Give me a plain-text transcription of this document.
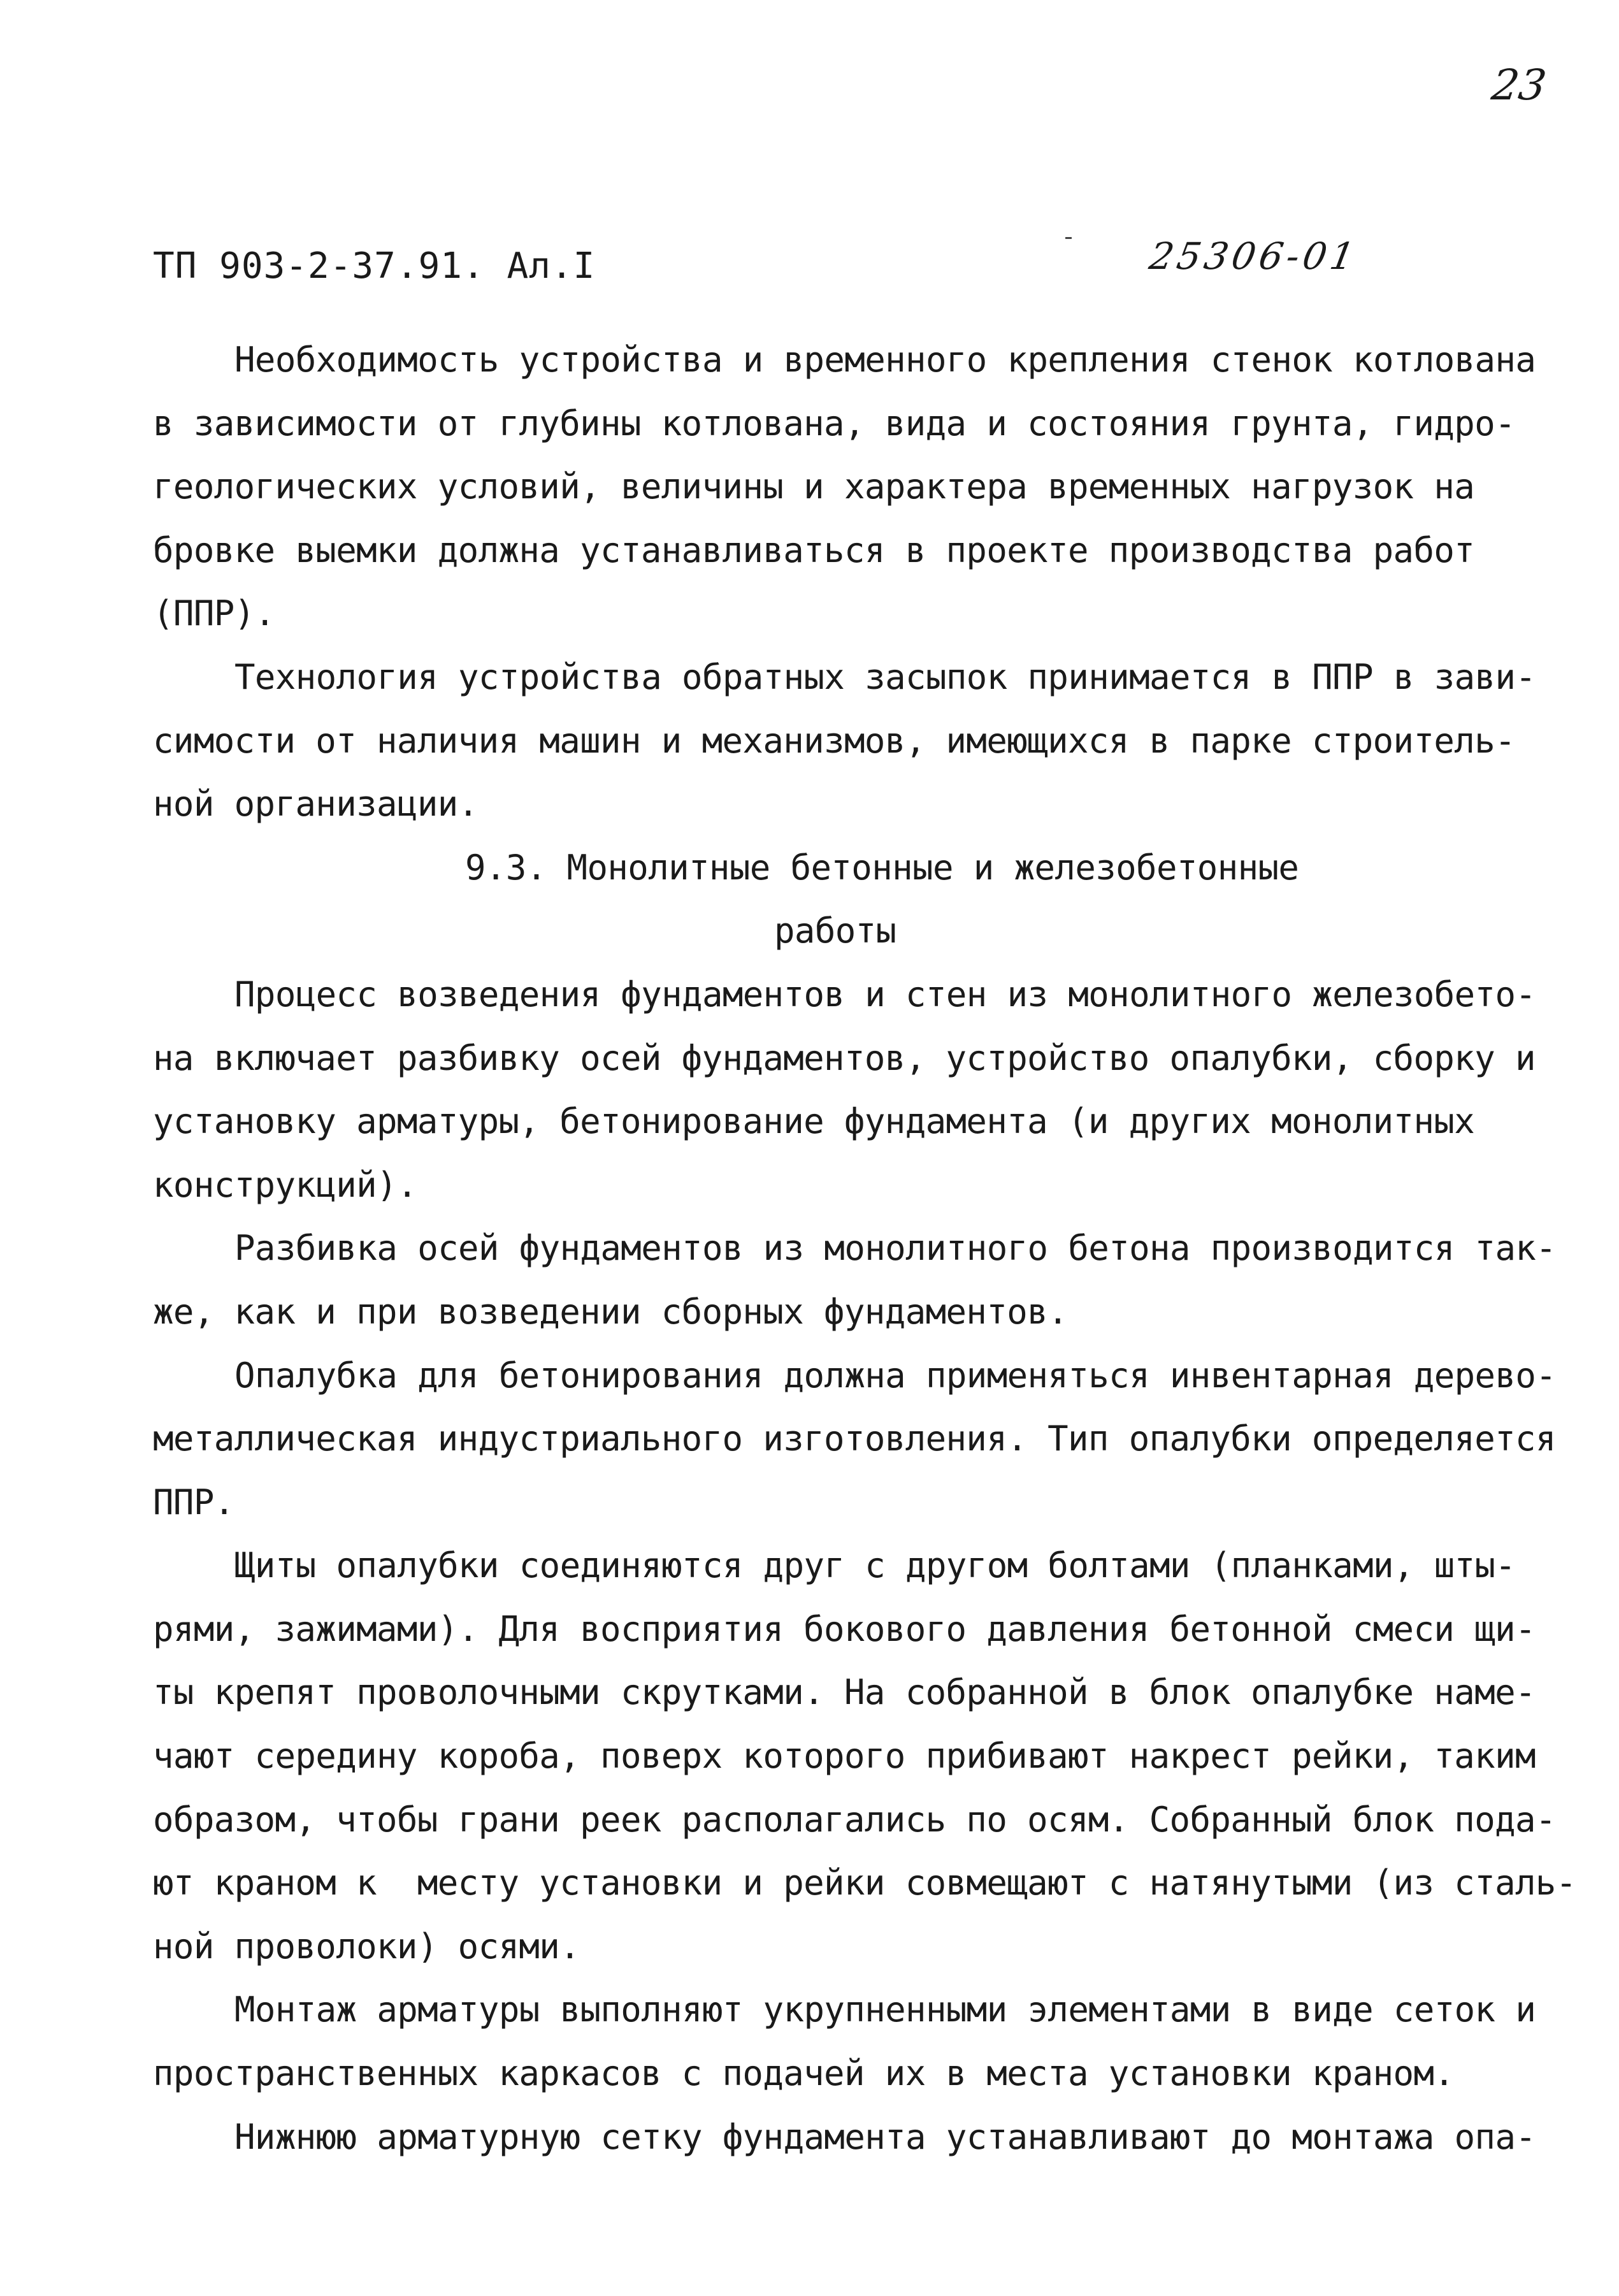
23
25306-01
ТП 903-2-37.91. Ал.I
Необходимость устройства и временного крепления стенок котлована
в зависимости от глубины котлована, вида и состояния грунта, гидро-
геологических условий, величины и характера временных нагрузок на
бровке выемки должна устанавливаться в проекте производства работ
(ППР).
Технология устройства обратных засыпок принимается в ППР в зави-
симости от наличия машин и механизмов, имеющихся в парке строитель-
ной организации.
9.3. Монолитные бетонные и железобетонные
работы
Процесс возведения фундаментов и стен из монолитного железобето-
на включает разбивку осей фундаментов, устройство опалубки, сборку и
установку арматуры, бетонирование фундамента (и других монолитных
конструкций).
Разбивка осей фундаментов из монолитного бетона производится так-
же, как и при возведении сборных фундаментов.
Опалубка для бетонирования должна применяться инвентарная дерево-
металлическая индустриального изготовления. Тип опалубки определяется
ППР.
Щиты опалубки соединяются друг с другом болтами (планками, шты-
рями, зажимами). Для восприятия бокового давления бетонной смеси щи-
ты крепят проволочными скрутками. На собранной в блок опалубке наме-
чают середину короба, поверх которого прибивают накрест рейки, таким
образом, чтобы грани реек располагались по осям. Собранный блок пода-
ют краном к  месту установки и рейки совмещают с натянутыми (из сталь-
ной проволоки) осями.
Монтаж арматуры выполняют укрупненными элементами в виде сеток и
пространственных каркасов с подачей их в места установки краном.
Нижнюю арматурную сетку фундамента устанавливают до монтажа опа-
